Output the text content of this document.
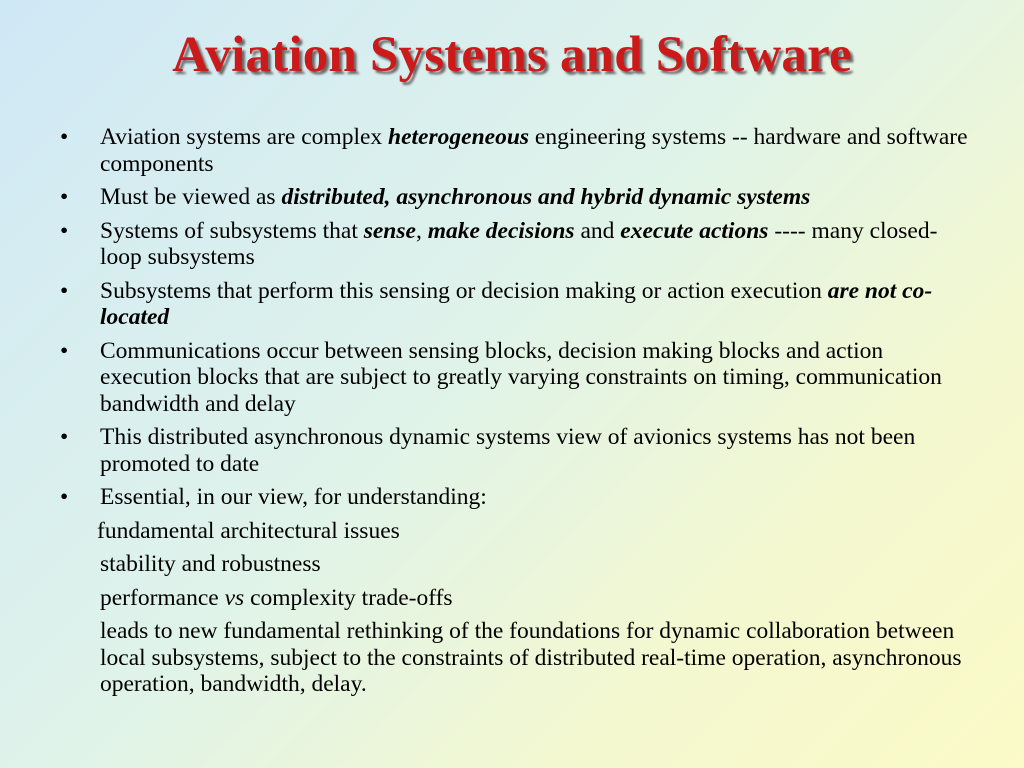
Aviation Systems and Software
• Aviation systems are complex heterogeneous engineering systems -- hardware and software components
• Must be viewed as distributed, asynchronous and hybrid dynamic systems
• Systems of subsystems that sense, make decisions and execute actions ---- many closed-loop subsystems
• Subsystems that perform this sensing or decision making or action execution are not co-located
• Communications occur between sensing blocks, decision making blocks and action execution blocks that are subject to greatly varying constraints on timing, communication bandwidth and delay
• This distributed asynchronous dynamic systems view of avionics systems has not been promoted to date
• Essential, in our view, for understanding:
fundamental architectural issues
stability and robustness
performance vs complexity trade-offs
leads to new fundamental rethinking of the foundations for dynamic collaboration between local subsystems, subject to the constraints of distributed real-time operation, asynchronous operation, bandwidth, delay.
